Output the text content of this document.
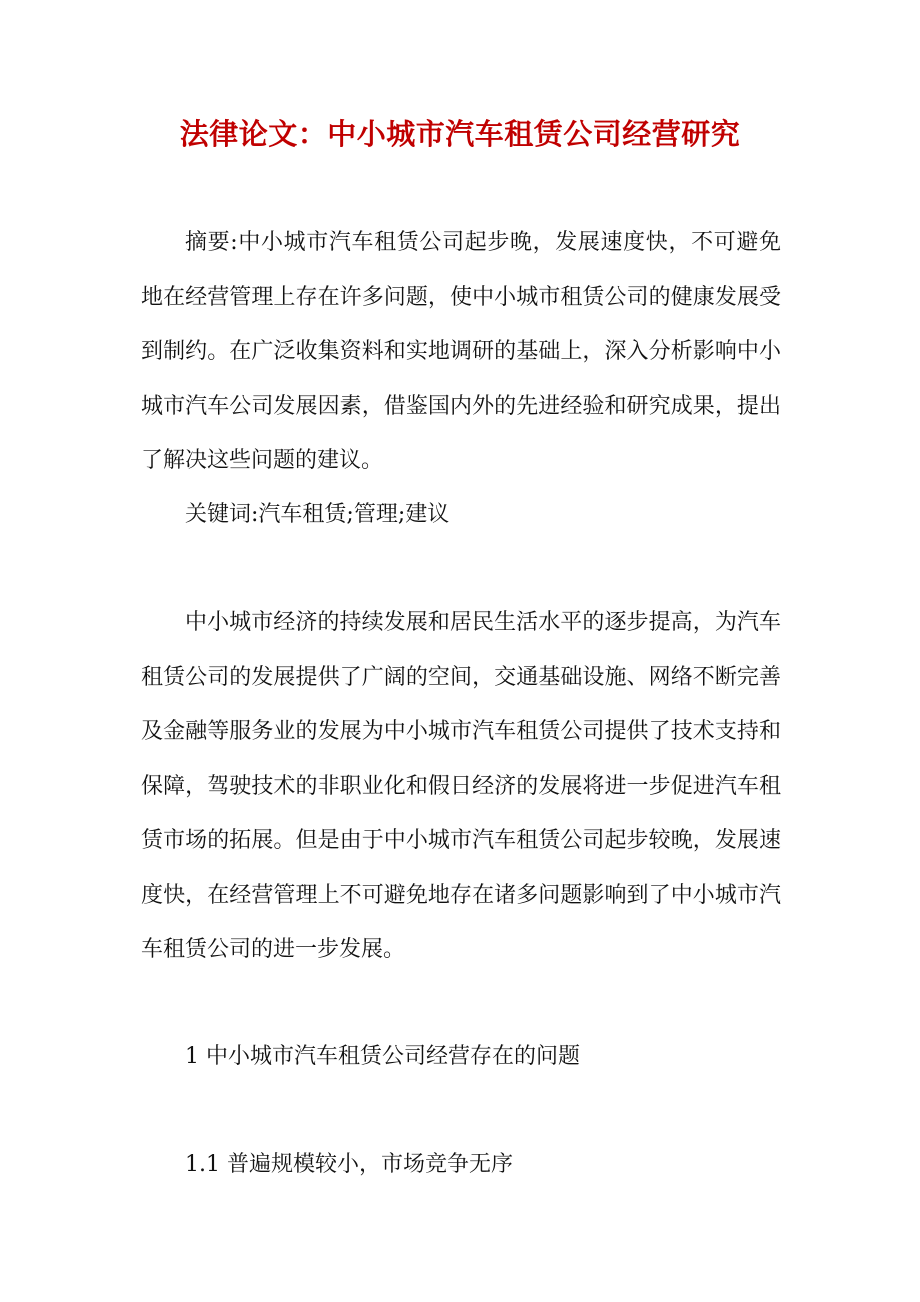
法律论文：中小城市汽车租赁公司经营研究

摘要:中小城市汽车租赁公司起步晚，发展速度快，不可避免地在经营管理上存在许多问题，使中小城市租赁公司的健康发展受到制约。在广泛收集资料和实地调研的基础上，深入分析影响中小城市汽车公司发展因素，借鉴国内外的先进经验和研究成果，提出了解决这些问题的建议。

关键词:汽车租赁;管理;建议

中小城市经济的持续发展和居民生活水平的逐步提高，为汽车租赁公司的发展提供了广阔的空间，交通基础设施、网络不断完善及金融等服务业的发展为中小城市汽车租赁公司提供了技术支持和保障，驾驶技术的非职业化和假日经济的发展将进一步促进汽车租赁市场的拓展。但是由于中小城市汽车租赁公司起步较晚，发展速度快，在经营管理上不可避免地存在诸多问题影响到了中小城市汽车租赁公司的进一步发展。

1 中小城市汽车租赁公司经营存在的问题

1.1 普遍规模较小，市场竞争无序
